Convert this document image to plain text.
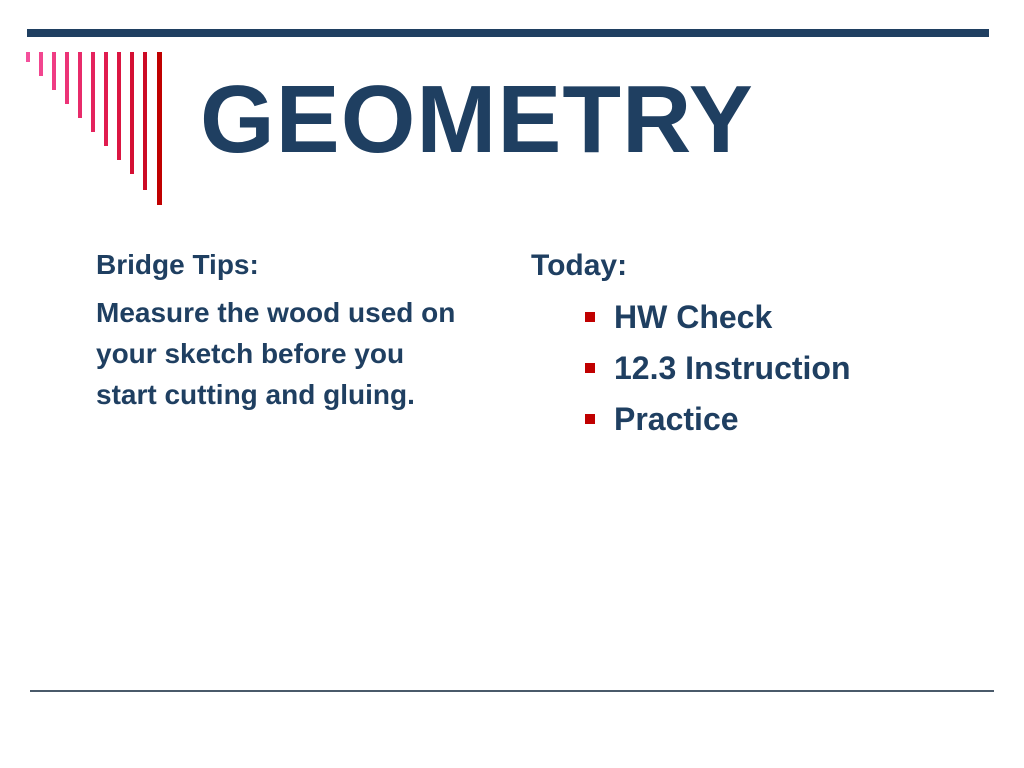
GEOMETRY

Bridge Tips:

Measure the wood used on your sketch before you start cutting and gluing.

Today:

HW Check
12.3 Instruction
Practice
